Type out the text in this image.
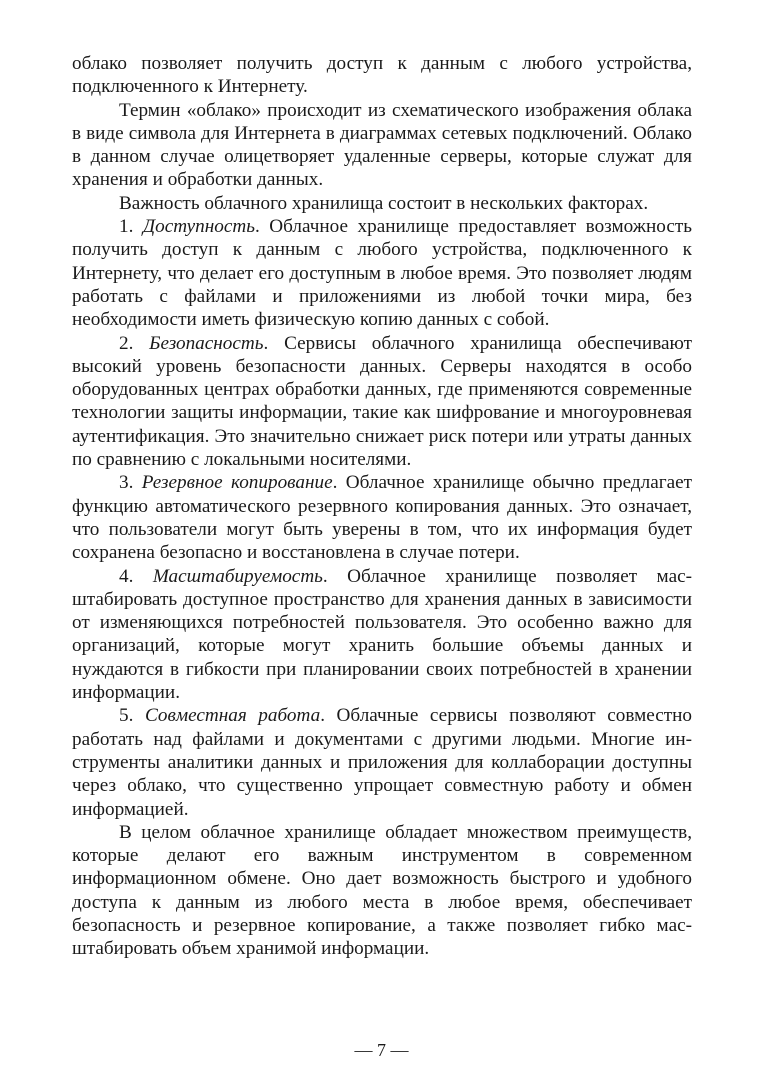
облако позволяет получить доступ к данным с любого устройства, подключенного к Интернету.

Термин «облако» происходит из схематического изображения облака в виде символа для Интернета в диаграммах сетевых подключений. Облако в данном случае олицетворяет удаленные серверы, которые служат для хранения и обработки данных.

Важность облачного хранилища состоит в нескольких факторах.

1. Доступность. Облачное хранилище предоставляет возможность получить доступ к данным с любого устройства, подключенного к Интернету, что делает его доступным в любое время. Это позволяет людям работать с файлами и приложениями из любой точки мира, без необходимости иметь физическую копию данных с собой.

2. Безопасность. Сервисы облачного хранилища обеспечивают высокий уровень безопасности данных. Серверы находятся в особо оборудованных центрах обработки данных, где применяются современные технологии защиты информации, такие как шифрование и многоуровневая аутентификация. Это значительно снижает риск потери или утраты данных по сравнению с локальными носителями.

3. Резервное копирование. Облачное хранилище обычно предлагает функцию автоматического резервного копирования данных. Это означает, что пользователи могут быть уверены в том, что их информация будет сохранена безопасно и восстановлена в случае потери.

4. Масштабируемость. Облачное хранилище позволяет масштабировать доступное пространство для хранения данных в зависимости от изменяющихся потребностей пользователя. Это особенно важно для организаций, которые могут хранить большие объемы данных и нуждаются в гибкости при планировании своих потребностей в хранении информации.

5. Совместная работа. Облачные сервисы позволяют совместно работать над файлами и документами с другими людьми. Многие инструменты аналитики данных и приложения для коллаборации доступны через облако, что существенно упрощает совместную работу и обмен информацией.

В целом облачное хранилище обладает множеством преимуществ, которые делают его важным инструментом в современном информационном обмене. Оно дает возможность быстрого и удобного доступа к данным из любого места в любое время, обеспечивает безопасность и резервное копирование, а также позволяет гибко масштабировать объем хранимой информации.

— 7 —
